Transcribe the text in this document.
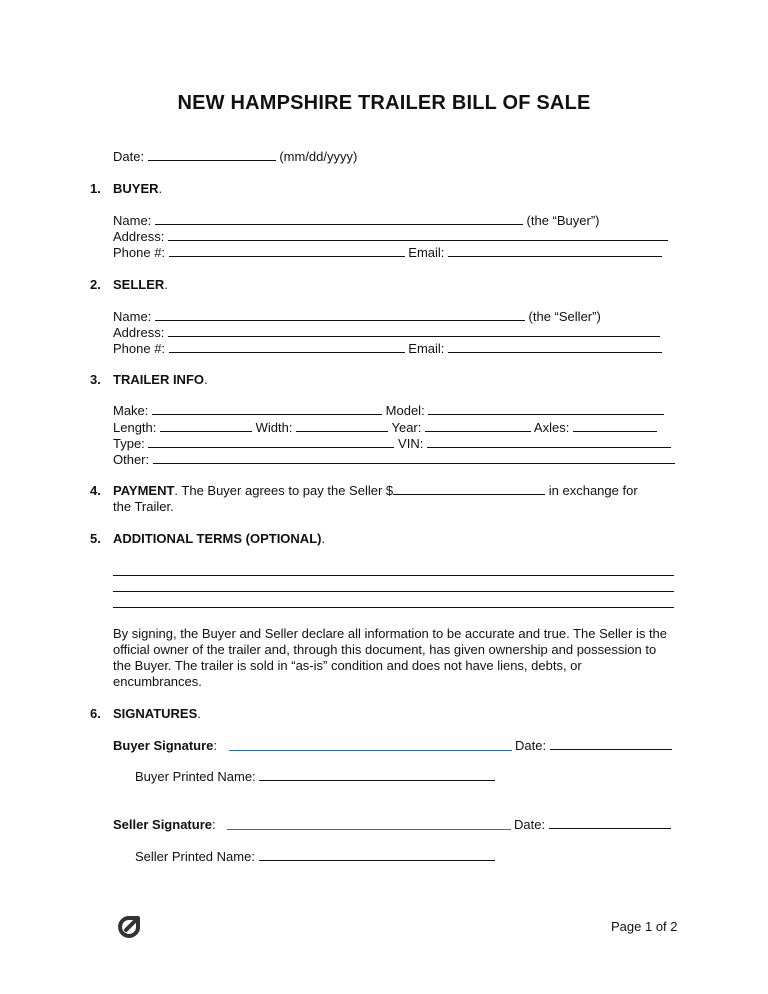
NEW HAMPSHIRE TRAILER BILL OF SALE
Date:	(mm/dd/yyyy)
1. BUYER.
Name:	(the “Buyer”)
Address:
Phone #:	Email:
2. SELLER.
Name:	(the “Seller”)
Address:
Phone #:	Email:
3. TRAILER INFO.
Make:	Model:
Length:	Width:	Year:	Axles:
Type:	VIN:
Other:
4. PAYMENT. The Buyer agrees to pay the Seller $	in exchange for
the Trailer.
5. ADDITIONAL TERMS (OPTIONAL).
By signing, the Buyer and Seller declare all information to be accurate and true. The Seller is the official owner of the trailer and, through this document, has given ownership and possession to the Buyer. The trailer is sold in “as-is” condition and does not have liens, debts, or encumbrances.
6. SIGNATURES.
Buyer Signature:	Date:
Buyer Printed Name:
Seller Signature:	Date:
Seller Printed Name:
Page 1 of 2
